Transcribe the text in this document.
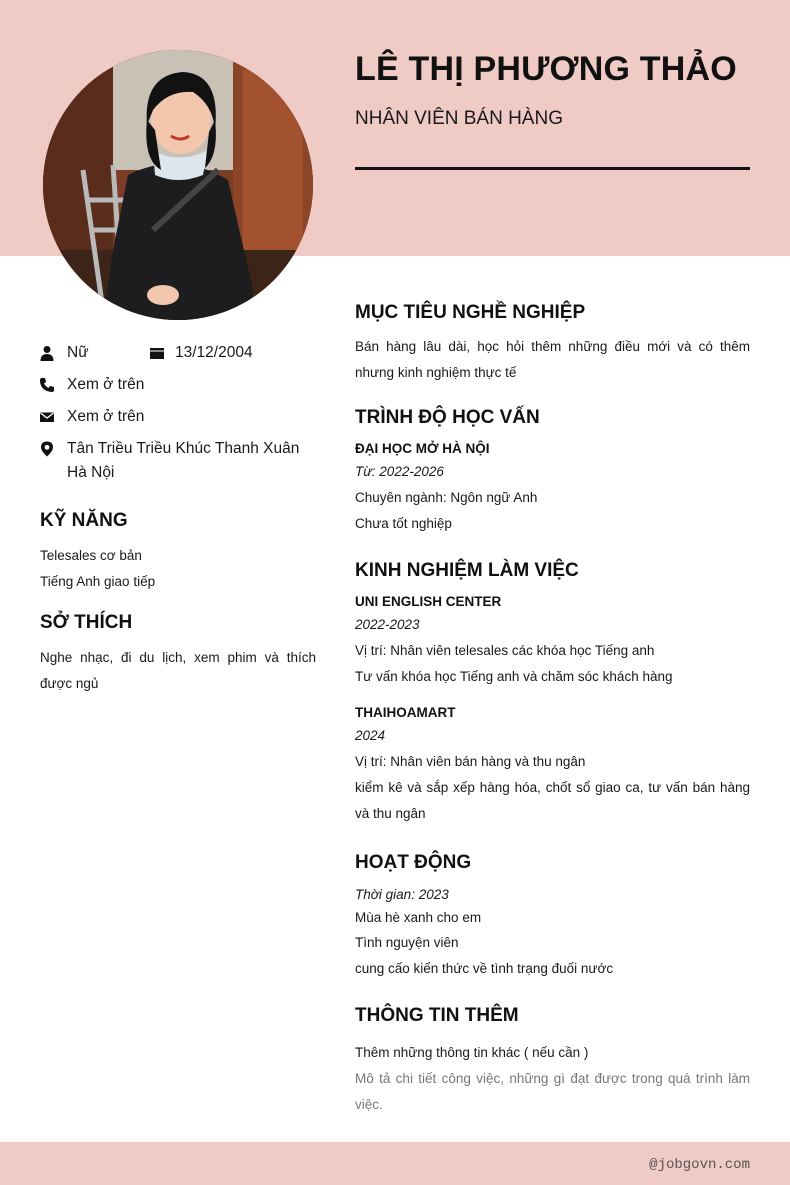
LÊ THỊ PHƯƠNG THẢO
NHÂN VIÊN BÁN HÀNG
Nữ	13/12/2004
Xem ở trên
Xem ở trên
Tân Triều Triều Khúc Thanh Xuân
Hà Nội
KỸ NĂNG
Telesales cơ bản
Tiếng Anh giao tiếp
SỞ THÍCH
Nghe nhạc, đi du lịch, xem phim và thích được ngủ
MỤC TIÊU NGHỀ NGHIỆP
Bán hàng lâu dài, học hỏi thêm những điều mới và có thêm nhưng kinh nghiệm thực tế
TRÌNH ĐỘ HỌC VẤN
ĐẠI HỌC MỞ HÀ NỘI
Từ: 2022-2026
Chuyên ngành: Ngôn ngữ Anh
Chưa tốt nghiệp
KINH NGHIỆM LÀM VIỆC
UNI ENGLISH CENTER
2022-2023
Vị trí: Nhân viên telesales các khóa học Tiếng anh
Tư vấn khóa học Tiếng anh và chăm sóc khách hàng
THAIHOAMART
2024
Vị trí: Nhân viên bán hàng và thu ngân
kiểm kê và sắp xếp hàng hóa, chốt sổ giao ca, tư vấn bán hàng và thu ngân
HOẠT ĐỘNG
Thời gian: 2023
Mùa hè xanh cho em
Tình nguyện viên
cung cấo kiến thức về tình trạng đuối nước
THÔNG TIN THÊM
Thêm những thông tin khác ( nếu cần )
Mô tả chi tiết công việc, những gì đạt được trong quá trình làm việc.
@jobgovn.com
